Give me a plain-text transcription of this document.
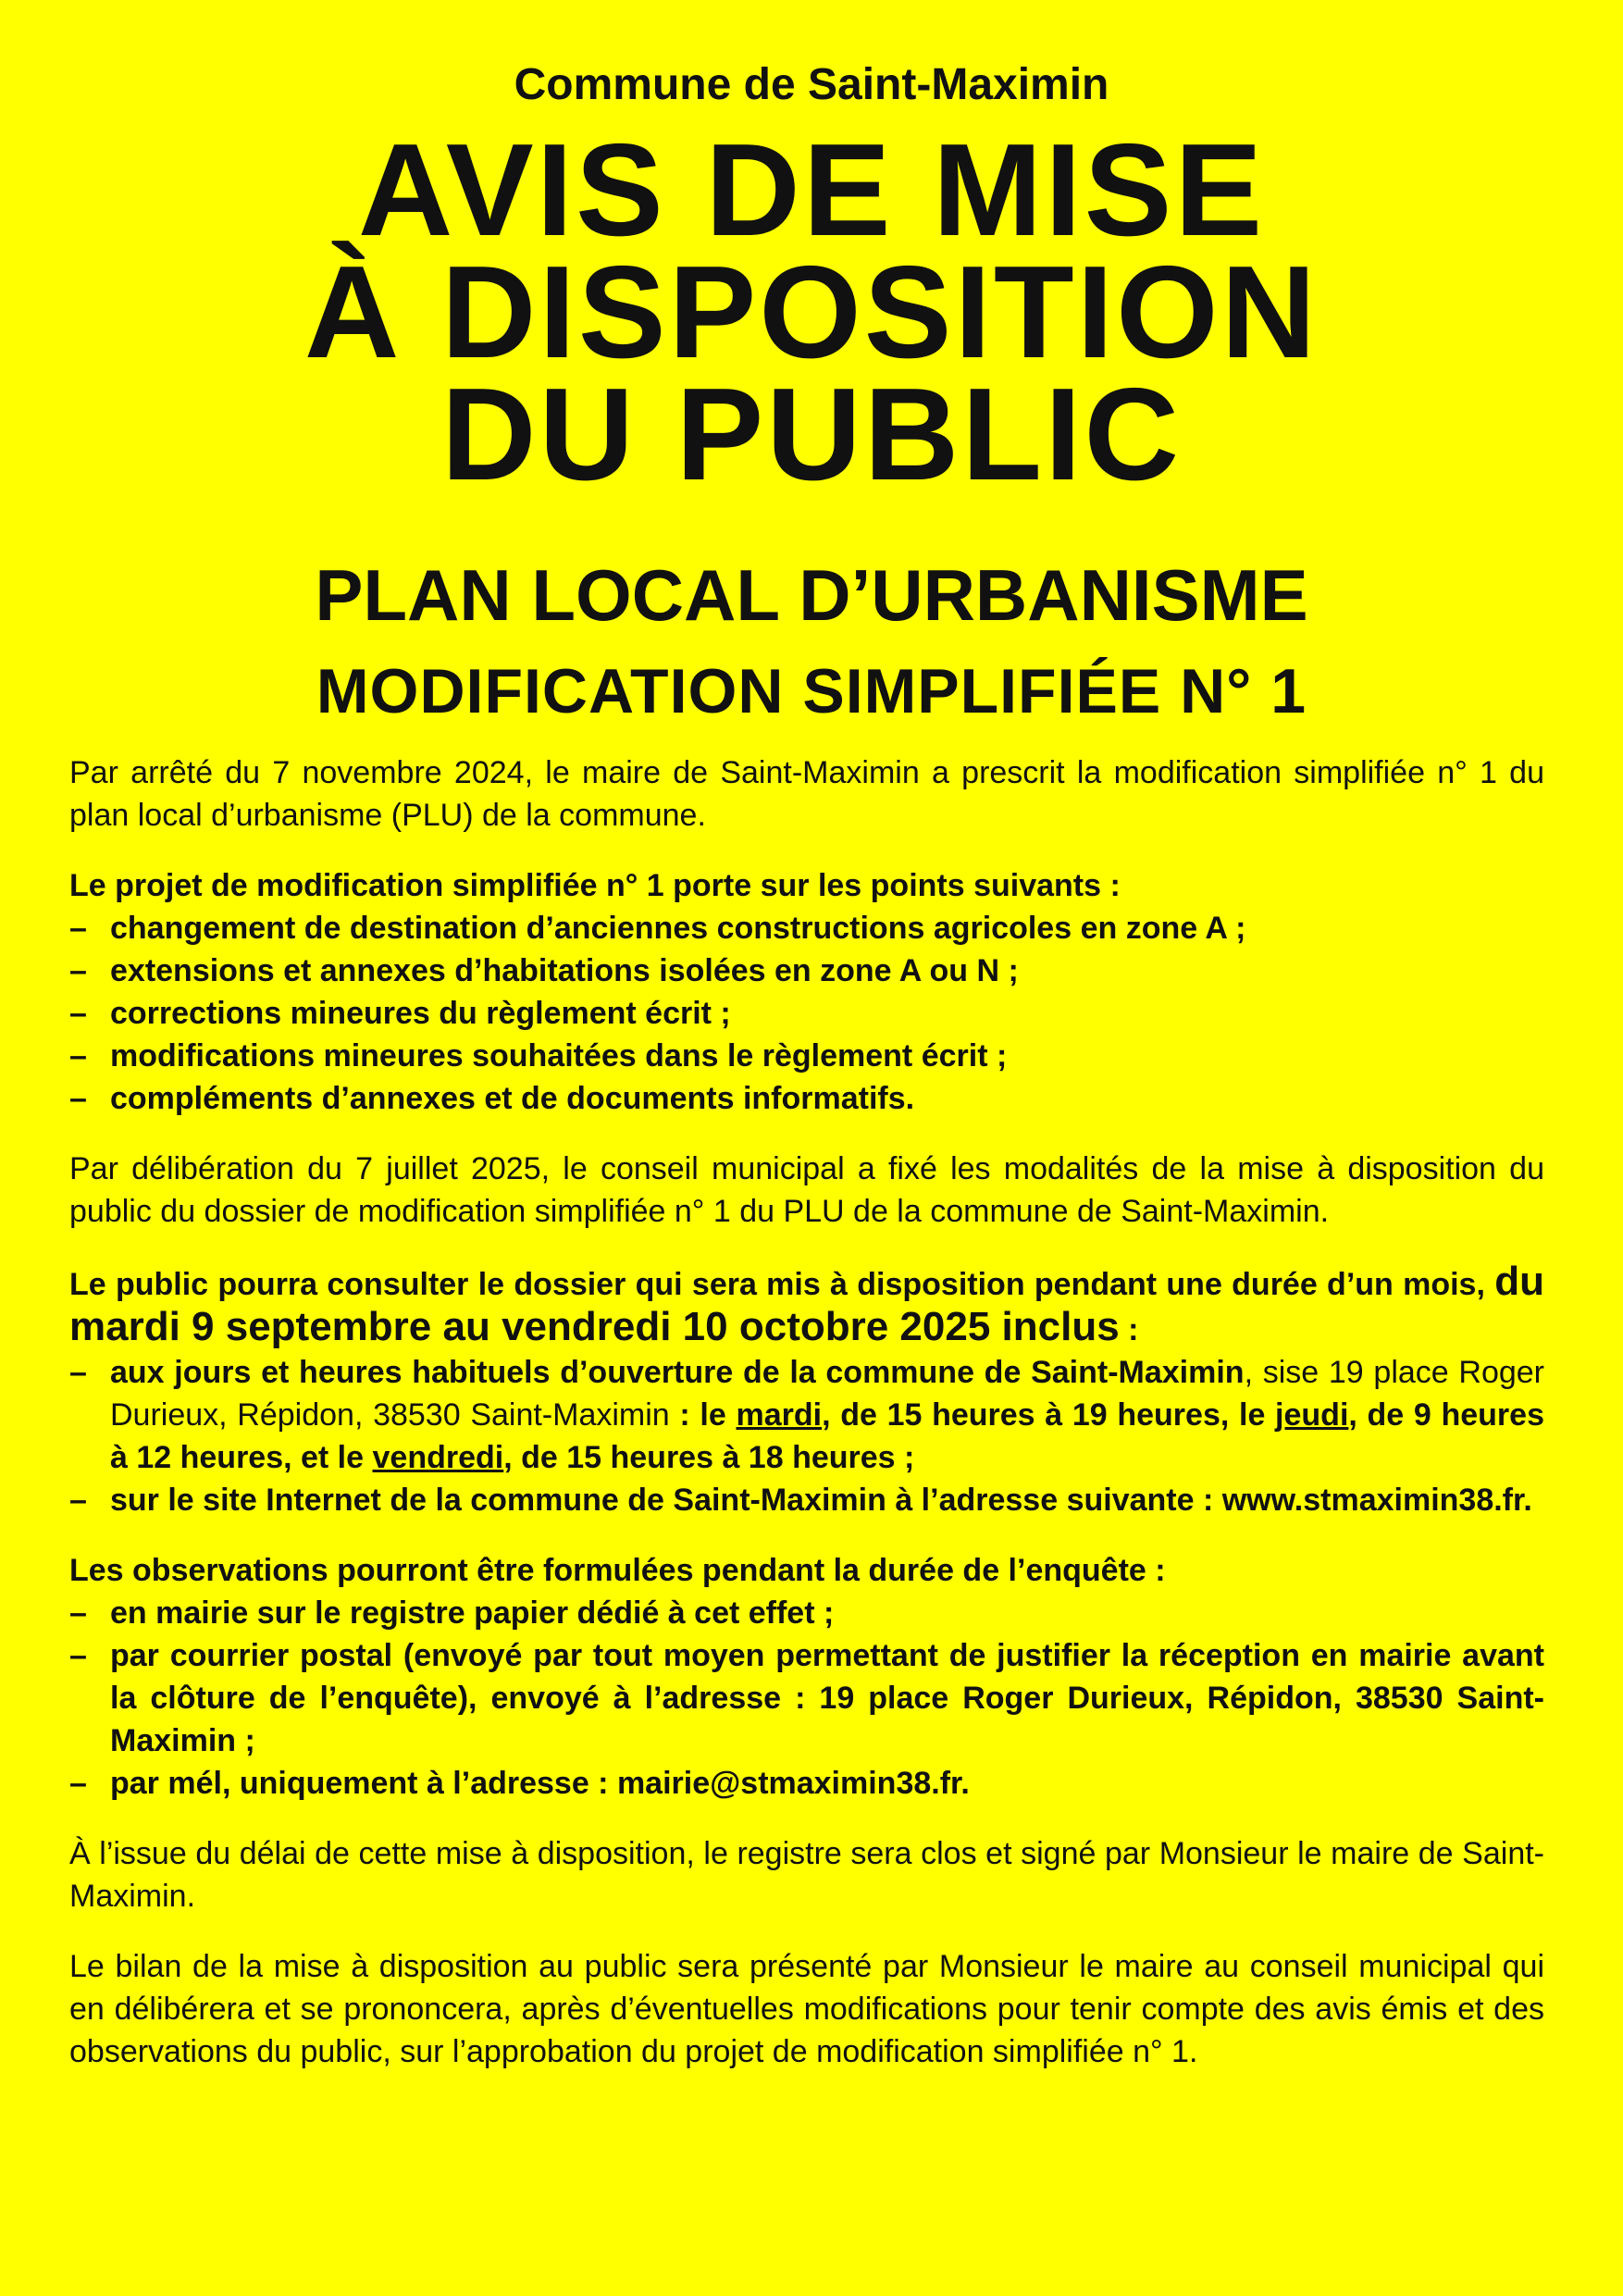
Commune de Saint-Maximin
AVIS DE MISE
À DISPOSITION
DU PUBLIC
PLAN LOCAL D’URBANISME
MODIFICATION SIMPLIFIÉE N° 1

Par arrêté du 7 novembre 2024, le maire de Saint-Maximin a prescrit la modification simplifiée n° 1 du plan local d’urbanisme (PLU) de la commune.

Le projet de modification simplifiée n° 1 porte sur les points suivants :

– changement de destination d’anciennes constructions agricoles en zone A ;
– extensions et annexes d’habitations isolées en zone A ou N ;
– corrections mineures du règlement écrit ;
– modifications mineures souhaitées dans le règlement écrit ;
– compléments d’annexes et de documents informatifs.

Par délibération du 7 juillet 2025, le conseil municipal a fixé les modalités de la mise à disposition du public du dossier de modification simplifiée n° 1 du PLU de la commune de Saint-Maximin.

Le public pourra consulter le dossier qui sera mis à disposition pendant une durée d’un mois, du mardi 9 septembre au vendredi 10 octobre 2025 inclus :

– aux jours et heures habituels d’ouverture de la commune de Saint-Maximin, sise 19 place Roger Durieux, Répidon, 38530 Saint-Maximin : le mardi, de 15 heures à 19 heures, le jeudi, de 9 heures à 12 heures, et le vendredi, de 15 heures à 18 heures ;
– sur le site Internet de la commune de Saint-Maximin à l’adresse suivante : www.stmaximin38.fr.

Les observations pourront être formulées pendant la durée de l’enquête :

– en mairie sur le registre papier dédié à cet effet ;
– par courrier postal (envoyé par tout moyen permettant de justifier la réception en mairie avant la clôture de l’enquête), envoyé à l’adresse : 19 place Roger Durieux, Répidon, 38530 Saint-Maximin ;
– par mél, uniquement à l’adresse : mairie@stmaximin38.fr.

À l’issue du délai de cette mise à disposition, le registre sera clos et signé par Monsieur le maire de Saint-Maximin.

Le bilan de la mise à disposition au public sera présenté par Monsieur le maire au conseil municipal qui en délibérera et se prononcera, après d’éventuelles modifications pour tenir compte des avis émis et des observations du public, sur l’approbation du projet de modification simplifiée n° 1.
